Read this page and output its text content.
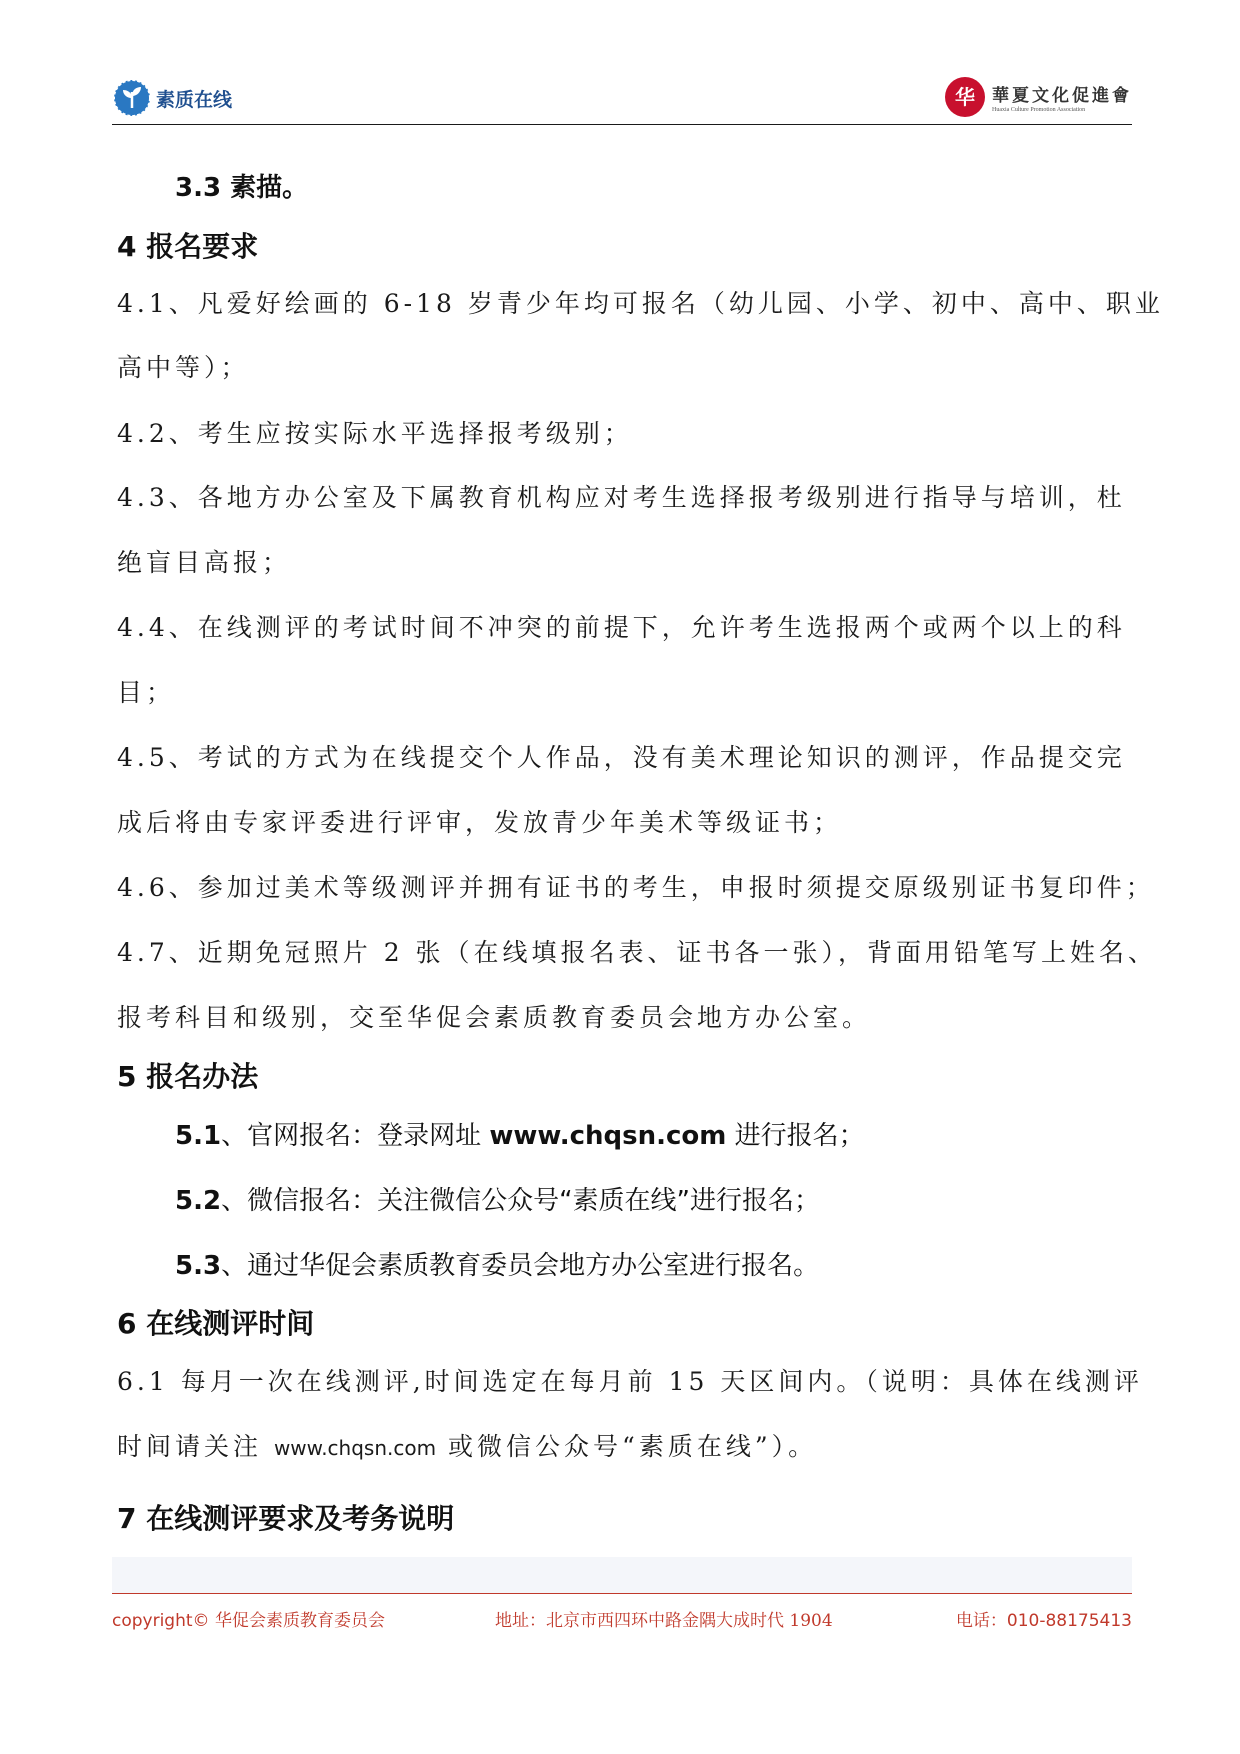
素质在线	华 華夏文化促進會
Huaxia Culture Promotion Association
3.3 素描。
4 报名要求
4.1、凡爱好绘画的 6-18 岁青少年均可报名（幼儿园、小学、初中、高中、职业
高中等）；
4.2、考生应按实际水平选择报考级别；
4.3、各地方办公室及下属教育机构应对考生选择报考级别进行指导与培训，杜
绝盲目高报；
4.4、在线测评的考试时间不冲突的前提下，允许考生选报两个或两个以上的科
目；
4.5、考试的方式为在线提交个人作品，没有美术理论知识的测评，作品提交完
成后将由专家评委进行评审，发放青少年美术等级证书；
4.6、参加过美术等级测评并拥有证书的考生，申报时须提交原级别证书复印件；
4.7、近期免冠照片 2 张（在线填报名表、证书各一张），背面用铅笔写上姓名、
报考科目和级别，交至华促会素质教育委员会地方办公室。
5 报名办法
5.1、官网报名：登录网址 www.chqsn.com 进行报名；
5.2、微信报名：关注微信公众号“素质在线”进行报名；
5.3、通过华促会素质教育委员会地方办公室进行报名。
6 在线测评时间
6.1 每月一次在线测评,时间选定在每月前 15 天区间内。（说明：具体在线测评
时间请关注 www.chqsn.com 或微信公众号“素质在线”）。
7 在线测评要求及考务说明
copyright© 华促会素质教育委员会	地址：北京市西四环中路金隅大成时代 1904	电话：010-88175413
